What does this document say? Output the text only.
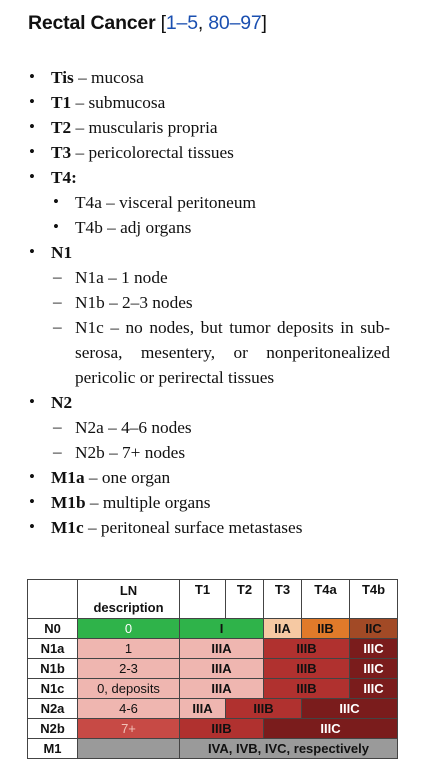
Rectal Cancer [1–5, 80–97]
• Tis – mucosa
• T1 – submucosa
• T2 – muscularis propria
• T3 – pericolorectal tissues
• T4:
• T4a – visceral peritoneum
• T4b – adj organs
• N1
– N1a – 1 node
– N1b – 2–3 nodes
– N1c – no nodes, but tumor deposits in sub-
serosa, mesentery, or nonperitonealized
pericolic or perirectal tissues
• N2
– N2a – 4–6 nodes
– N2b – 7+ nodes
• M1a – one organ
• M1b – multiple organs
• M1c – peritoneal surface metastases
	LN
description	T1	T2	T3	T4a	T4b
N0	0	I		IIA	IIB	IIC
N1a	1	IIIA		IIIB		IIIC
N1b	2-3	IIIA		IIIB		IIIC
N1c	0, deposits	IIIA		IIIB		IIIC
N2a	4-6	IIIA	IIIB		IIIC	
N2b	7+	IIIB		IIIC		
M1		IVA, IVB, IVC, respectively				
